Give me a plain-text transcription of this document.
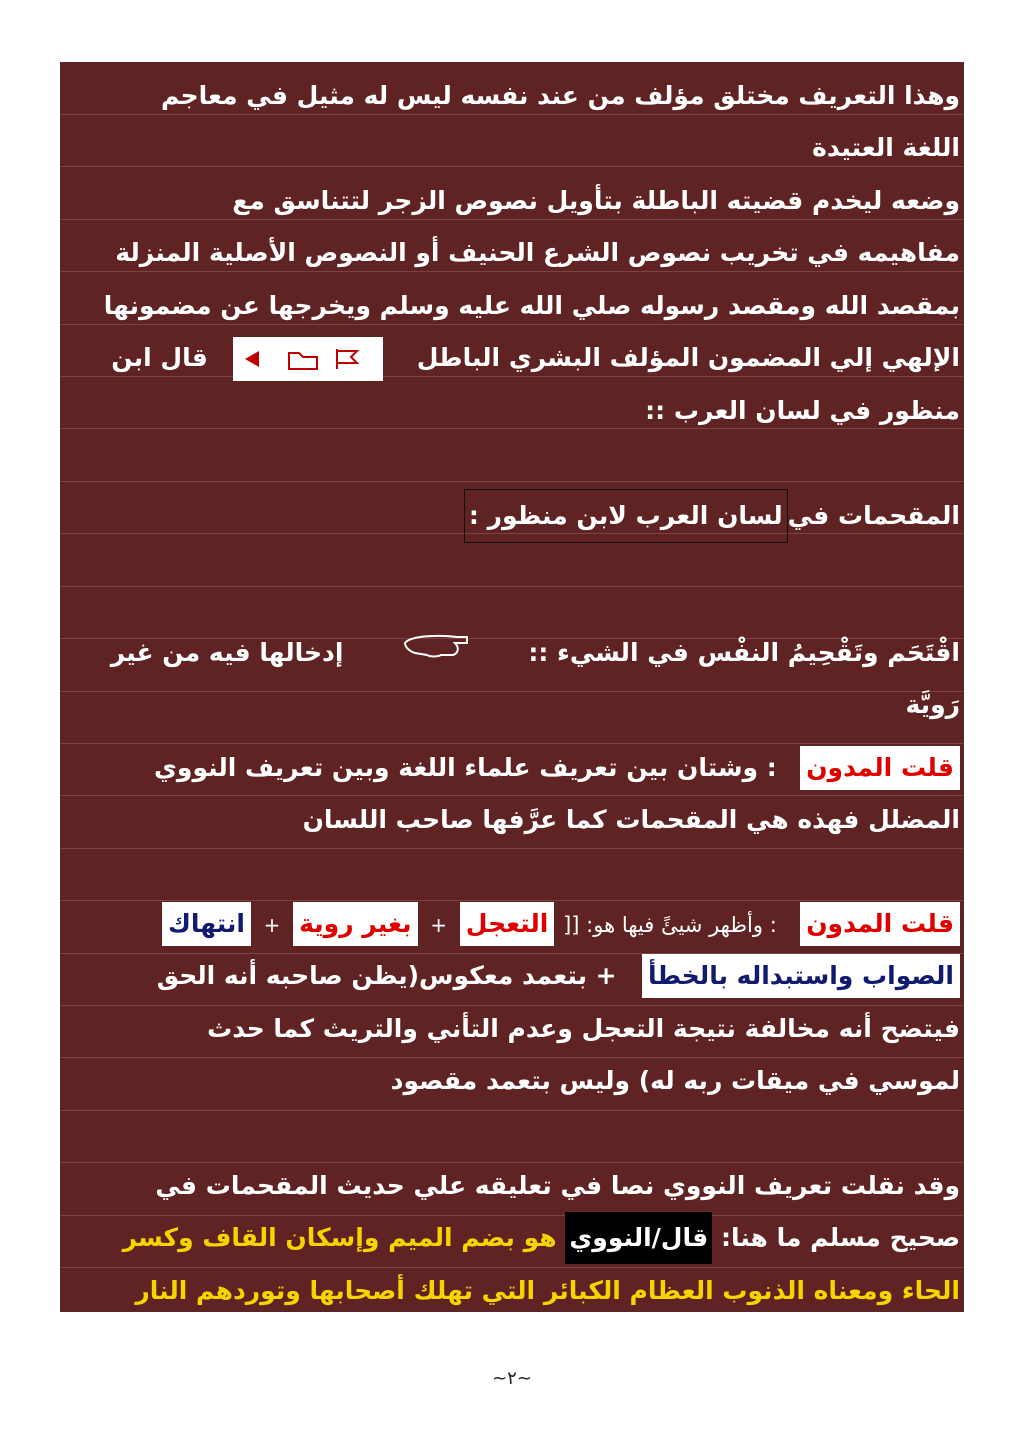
وهذا التعريف مختلق مؤلف من عند نفسه ليس له مثيل في معاجم
اللغة العتيدة
وضعه ليخدم قضيته الباطلة بتأويل نصوص الزجر لتتناسق مع
مفاهيمه في تخريب نصوص الشرع الحنيف أو النصوص الأصلية المنزلة
بمقصد الله ومقصد رسوله صلي الله عليه وسلم ويخرجها عن مضمونها
الإلهي إلي المضمون المؤلف البشري الباطل
قال ابن
منظور في لسان العرب ::
المقحمات فيلسان العرب لابن منظور :
اقْتَحَم وتَقْحِيمُ النفْس في الشيء ::    إدخالها فيه من غير
رَويَّة
قلت المدون  : وشتان بين تعريف علماء اللغة وبين تعريف النووي
المضلل فهذه هي المقحمات كما عرَّفها صاحب اللسان
قلت المدون  : وأظهر شيئً فيها هو: [[ التعجل + بغير روية + انتهاك
الصواب واستبداله بالخطأ  + بتعمد معكوس(يظن صاحبه أنه الحق
فيتضح أنه مخالفة نتيجة التعجل وعدم التأني والتريث كما حدث
لموسي في ميقات ربه له) وليس بتعمد مقصود
وقد نقلت تعريف النووي نصا في تعليقه علي حديث المقحمات في
صحيح مسلم ما هنا: قال/النووي هو بضم الميم وإسكان القاف وكسر
الحاء ومعناه الذنوب العظام الكبائر التي تهلك أصحابها وتوردهم النار
~٢~
